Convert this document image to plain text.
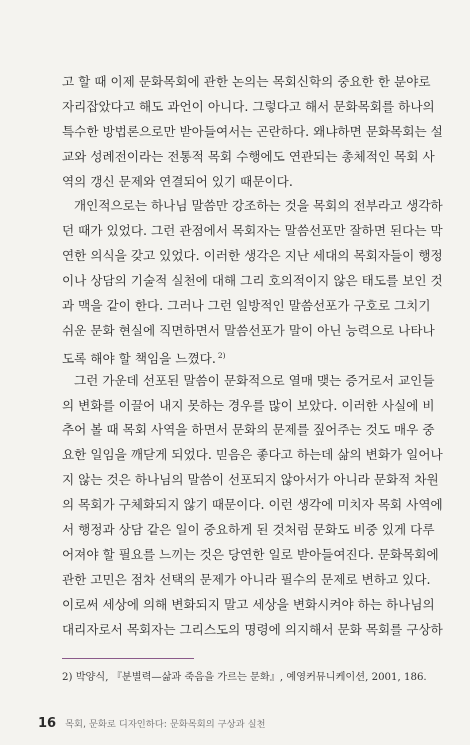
고 할 때 이제 문화목회에 관한 논의는 목회신학의 중요한 한 분야로
자리잡았다고 해도 과언이 아니다. 그렇다고 해서 문화목회를 하나의
특수한 방법론으로만 받아들여서는 곤란하다. 왜냐하면 문화목회는 설
교와 성례전이라는 전통적 목회 수행에도 연관되는 총체적인 목회 사
역의 갱신 문제와 연결되어 있기 때문이다.
개인적으로는 하나님 말씀만 강조하는 것을 목회의 전부라고 생각하
던 때가 있었다. 그런 관점에서 목회자는 말씀선포만 잘하면 된다는 막
연한 의식을 갖고 있었다. 이러한 생각은 지난 세대의 목회자들이 행정
이나 상담의 기술적 실천에 대해 그리 호의적이지 않은 태도를 보인 것
과 맥을 같이 한다. 그러나 그런 일방적인 말씀선포가 구호로 그치기
쉬운 문화 현실에 직면하면서 말씀선포가 말이 아닌 능력으로 나타나
도록 해야 할 책임을 느꼈다. $^{2)}$
그런 가운데 선포된 말씀이 문화적으로 열매 맺는 증거로서 교인들
의 변화를 이끌어 내지 못하는 경우를 많이 보았다. 이러한 사실에 비
추어 볼 때 목회 사역을 하면서 문화의 문제를 짚어주는 것도 매우 중
요한 일임을 깨닫게 되었다. 믿음은 좋다고 하는데 삶의 변화가 일어나
지 않는 것은 하나님의 말씀이 선포되지 않아서가 아니라 문화적 차원
의 목회가 구체화되지 않기 때문이다. 이런 생각에 미치자 목회 사역에
서 행정과 상담 같은 일이 중요하게 된 것처럼 문화도 비중 있게 다루
어져야 할 필요를 느끼는 것은 당연한 일로 받아들여진다. 문화목회에
관한 고민은 점차 선택의 문제가 아니라 필수의 문제로 변하고 있다.
이로써 세상에 의해 변화되지 말고 세상을 변화시켜야 하는 하나님의
대리자로서 목회자는 그리스도의 명령에 의지해서 문화 목회를 구상하
2) 박양식, 『분별력—삶과 죽음을 가르는 문화』, 예영커뮤니케이션, 2001, 186.
16 목회, 문화로 디자인하다: 문화목회의 구상과 실천
